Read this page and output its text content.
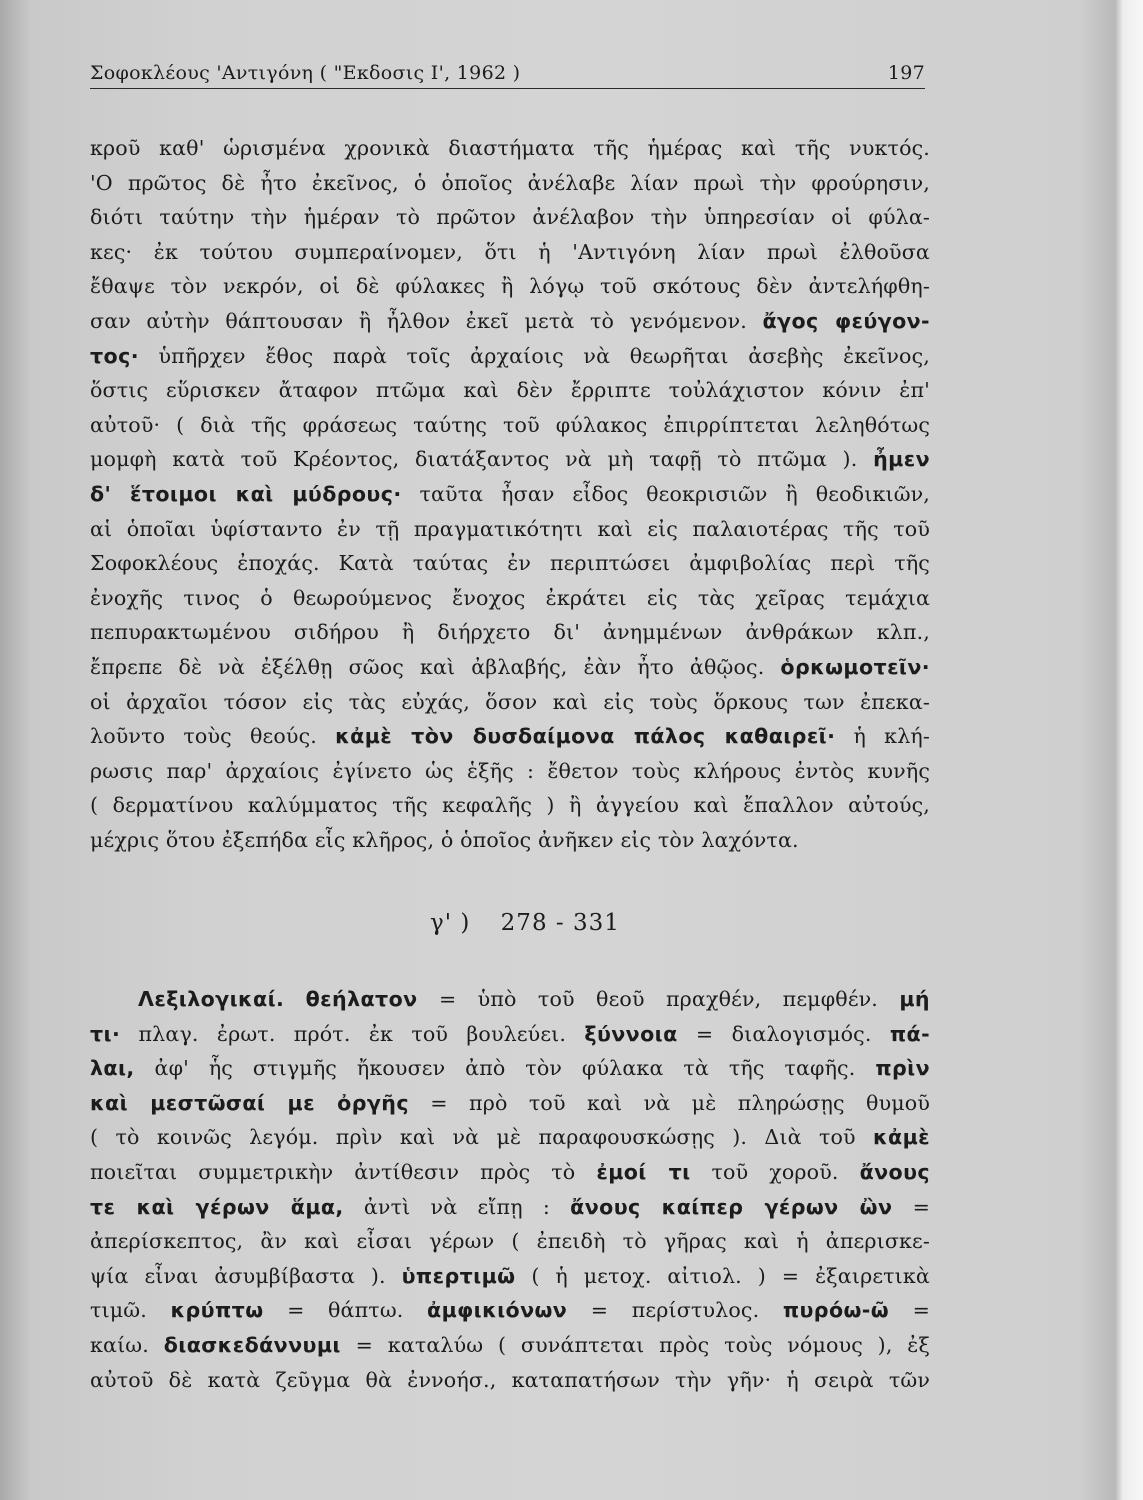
Σοφοκλέους 'Αντιγόνη ( "Εκδοσις Ι', 1962 )	197
κροῦ καθ' ὡρισμένα χρονικὰ διαστήματα τῆς ἡμέρας καὶ τῆς νυκτός.
'Ο πρῶτος δὲ ἦτο ἐκεῖνος, ὁ ὁποῖος ἀνέλαβε λίαν πρωὶ τὴν φρούρησιν,
διότι ταύτην τὴν ἡμέραν τὸ πρῶτον ἀνέλαβον τὴν ὑπηρεσίαν οἱ φύλα-
κες· ἐκ τούτου συμπεραίνομεν, ὅτι ἡ 'Αντιγόνη λίαν πρωὶ ἐλθοῦσα
ἔθαψε τὸν νεκρόν, οἱ δὲ φύλακες ἢ λόγῳ τοῦ σκότους δὲν ἀντελήφθη-
σαν αὐτὴν θάπτουσαν ἢ ἦλθον ἐκεῖ μετὰ τὸ γενόμενον. ἄγος φεύγον-
τος· ὑπῆρχεν ἔθος παρὰ τοῖς ἀρχαίοις νὰ θεωρῆται ἀσεβὴς ἐκεῖνος,
ὅστις εὕρισκεν ἄταφον πτῶμα καὶ δὲν ἔρριπτε τοὐλάχιστον κόνιν ἐπ'
αὐτοῦ· ( διὰ τῆς φράσεως ταύτης τοῦ φύλακος ἐπιρρίπτεται λεληθότως
μομφὴ κατὰ τοῦ Κρέοντος, διατάξαντος νὰ μὴ ταφῇ τὸ πτῶμα ). ἦμεν
δ' ἕτοιμοι καὶ μύδρους· ταῦτα ἦσαν εἶδος θεοκρισιῶν ἢ θεοδικιῶν,
αἱ ὁποῖαι ὑφίσταντο ἐν τῇ πραγματικότητι καὶ εἰς παλαιοτέρας τῆς τοῦ
Σοφοκλέους ἐποχάς. Κατὰ ταύτας ἐν περιπτώσει ἀμφιβολίας περὶ τῆς
ἐνοχῆς τινος ὁ θεωρούμενος ἔνοχος ἐκράτει εἰς τὰς χεῖρας τεμάχια
πεπυρακτωμένου σιδήρου ἢ διήρχετο δι' ἀνημμένων ἀνθράκων κλπ.,
ἔπρεπε δὲ νὰ ἐξέλθῃ σῶος καὶ ἀβλαβής, ἐὰν ἦτο ἀθῷος. ὁρκωμοτεῖν·
οἱ ἀρχαῖοι τόσον εἰς τὰς εὐχάς, ὅσον καὶ εἰς τοὺς ὅρκους των ἐπεκα-
λοῦντο τοὺς θεούς. κἀμὲ τὸν δυσδαίμονα πάλος καθαιρεῖ· ἡ κλή-
ρωσις παρ' ἀρχαίοις ἐγίνετο ὡς ἑξῆς : ἔθετον τοὺς κλήρους ἐντὸς κυνῆς
( δερματίνου καλύμματος τῆς κεφαλῆς ) ἢ ἀγγείου καὶ ἔπαλλον αὐτούς,
μέχρις ὅτου ἐξεπήδα εἷς κλῆρος, ὁ ὁποῖος ἀνῆκεν εἰς τὸν λαχόντα.
γ' ) 278 - 331
Λεξιλογικαί. θεήλατον = ὑπὸ τοῦ θεοῦ πραχθέν, πεμφθέν. μή
τι· πλαγ. ἐρωτ. πρότ. ἐκ τοῦ βουλεύει. ξύννοια = διαλογισμός. πά-
λαι, ἀφ' ἧς στιγμῆς ἤκουσεν ἀπὸ τὸν φύλακα τὰ τῆς ταφῆς. πρὶν
καὶ μεστῶσαί με ὀργῆς = πρὸ τοῦ καὶ νὰ μὲ πληρώσῃς θυμοῦ
( τὸ κοινῶς λεγόμ. πρὶν καὶ νὰ μὲ παραφουσκώσῃς ). Διὰ τοῦ κἀμὲ
ποιεῖται συμμετρικὴν ἀντίθεσιν πρὸς τὸ ἐμοί τι τοῦ χοροῦ. ἄνους
τε καὶ γέρων ἅμα, ἀντὶ νὰ εἴπῃ : ἄνους καίπερ γέρων ὢν =
ἀπερίσκεπτος, ἂν καὶ εἶσαι γέρων ( ἐπειδὴ τὸ γῆρας καὶ ἡ ἀπερισκε-
ψία εἶναι ἀσυμβίβαστα ). ὑπερτιμῶ ( ἡ μετοχ. αἰτιολ. ) = ἐξαιρετικὰ
τιμῶ. κρύπτω = θάπτω. ἀμφικιόνων = περίστυλος. πυρόω-ῶ =
καίω. διασκεδάννυμι = καταλύω ( συνάπτεται πρὸς τοὺς νόμους ), ἐξ
αὐτοῦ δὲ κατὰ ζεῦγμα θὰ ἐννοήσ., καταπατήσων τὴν γῆν· ἡ σειρὰ τῶν
